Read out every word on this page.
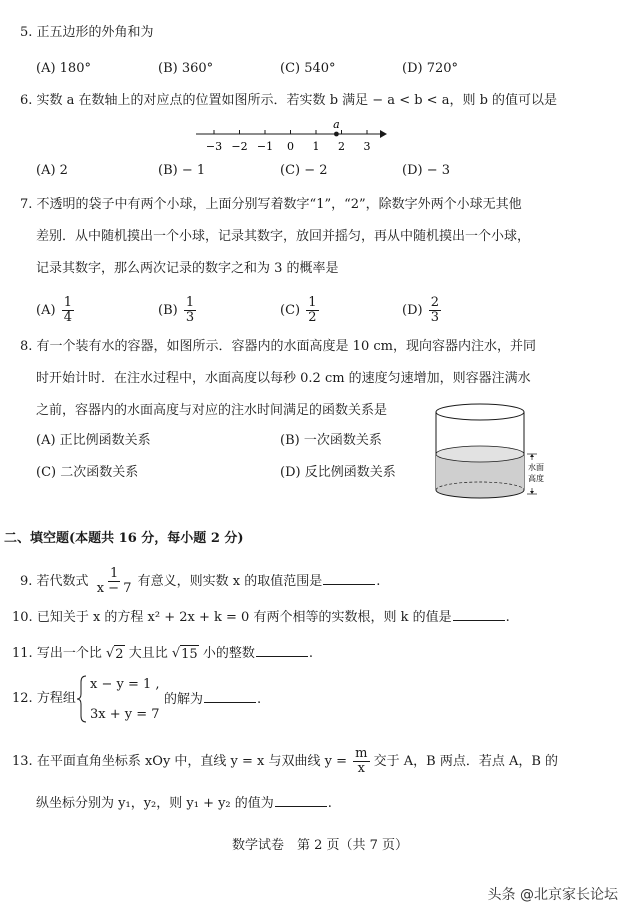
5. 正五边形的外角和为
(A) 180°	(B) 360°	(C) 540°	(D) 720°
6. 实数 a 在数轴上的对应点的位置如图所示．若实数 b 满足 − a < b < a，则 b 的值可以是
−3 −2 −1 0 1 2 3
a
(A) 2	(B) − 1	(C) − 2	(D) − 3
7. 不透明的袋子中有两个小球，上面分别写着数字“1”，“2”，除数字外两个小球无其他
差别．从中随机摸出一个小球，记录其数字，放回并摇匀，再从中随机摸出一个小球，
记录其数字，那么两次记录的数字之和为 3 的概率是
$(A) \frac{1}{4}$	$(B) \frac{1}{3}$	$(C) \frac{1}{2}$	$(D) \frac{2}{3}$
8. 有一个装有水的容器，如图所示．容器内的水面高度是 10 cm，现向容器内注水，并同
时开始计时．在注水过程中，水面高度以每秒 0.2 cm 的速度匀速增加，则容器注满水
之前，容器内的水面高度与对应的注水时间满足的函数关系是
(A) 正比例函数关系	(B) 一次函数关系
(C) 二次函数关系	(D) 反比例函数关系	水面
高度
二、填空题(本题共 16 分，每小题 2 分)
9. 若代数式 $\frac{1}{x - 7}$ 有意义，则实数 x 的取值范围是	.
10. 已知关于 x 的方程 x² + 2x + k = 0 有两个相等的实数根，则 k 的值是	.
11. 写出一个比 √ 2 大且比 √ 15 小的整数	.
12. 方程组
x − y = 1 ,
3x + y = 7
的解为	.
13. 在平面直角坐标系 xOy 中，直线 y = x 与双曲线 $y = \frac{m}{x}$ 交于 A，B 两点．若点 A，B 的
纵坐标分别为 y₁，y₂，则 y₁ + y₂ 的值为	.
数学试卷　第 2 页（共 7 页）
头条 @北京家长论坛
